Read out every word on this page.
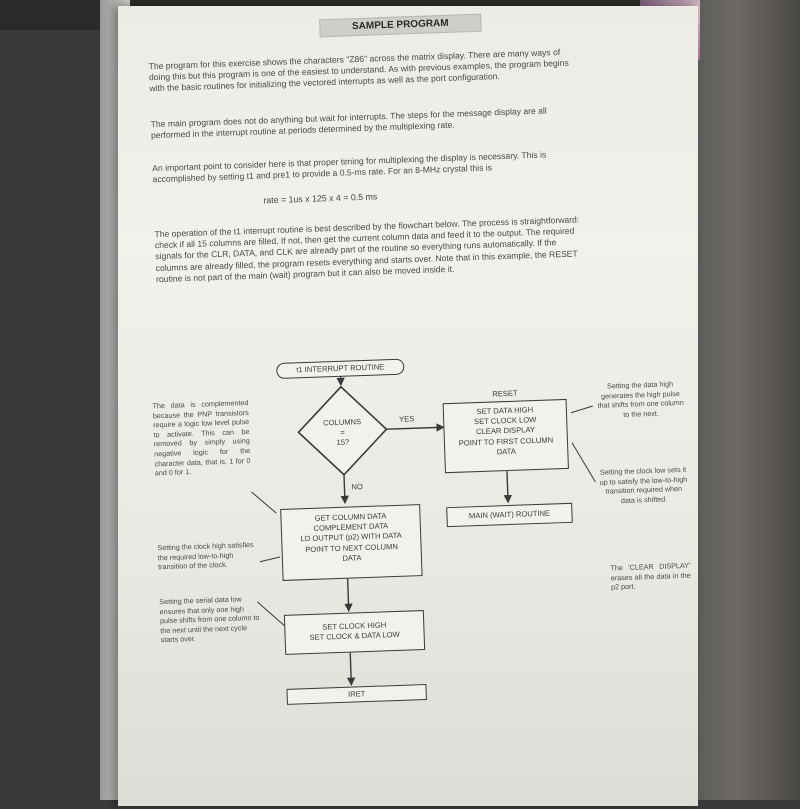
SAMPLE PROGRAM

The program for this exercise shows the characters "Z86" across the matrix display. There are many ways of doing this but this program is one of the easiest to understand. As with previous examples, the program begins with the basic routines for initializing the vectored interrupts as well as the port configuration.

The main program does not do anything but wait for interrupts. The steps for the message display are all performed in the interrupt routine at periods determined by the multiplexing rate.

An important point to consider here is that proper timing for multiplexing the display is necessary. This is accomplished by setting t1 and pre1 to provide a 0.5-ms rate. For an 8-MHz crystal this is

rate = 1us x 125 x 4 = 0.5 ms

The operation of the t1 interrupt routine is best described by the flowchart below. The process is straightforward: check if all 15 columns are filled. If not, then get the current column data and feed it to the output. The required signals for the CLR, DATA, and CLK are already part of the routine so everything runs automatically. If the columns are already filled, the program resets everything and starts over. Note that in this example, the RESET routine is not part of the main (wait) program but it can also be moved inside it.

t1 INTERRUPT ROUTINE
COLUMNS
=
15?
YES
NO
RESET
SET DATA HIGH
SET CLOCK LOW
CLEAR DISPLAY
POINT TO FIRST COLUMN
DATA
MAIN (WAIT) ROUTINE
GET COLUMN DATA
COMPLEMENT DATA
LD OUTPUT (p2) WITH DATA
POINT TO NEXT COLUMN
DATA
SET CLOCK HIGH
SET CLOCK & DATA LOW
IRET
The data is complemented because the PNP transistors require a logic low level pulse to activate. This can be removed by simply using negative logic for the character data, that is, 1 for 0 and 0 for 1.
Setting the clock high satisfies the required low-to-high transition of the clock.
Setting the serial data low ensures that only one high pulse shifts from one column to the next until the next cycle starts over.
Setting the data high generates the high pulse that shifts from one column to the next.
Setting the clock low sets it up to satisfy the low-to-high transition required when data is shifted.
The 'CLEAR DISPLAY' erases all the data in the p2 port.
